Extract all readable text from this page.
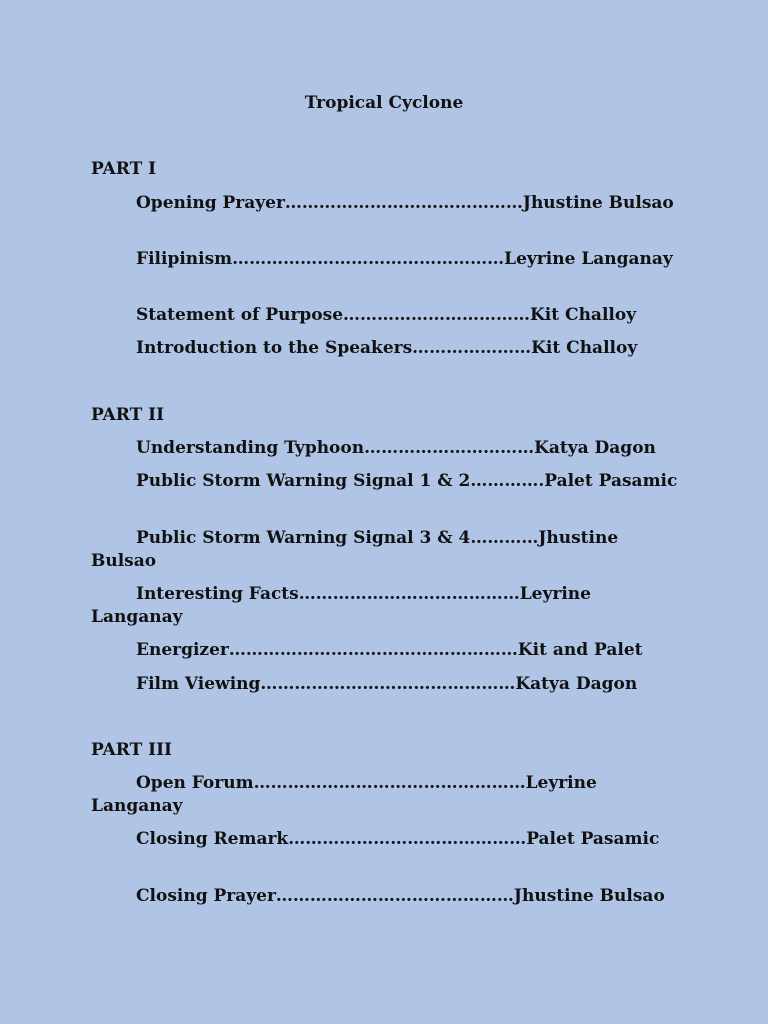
Tropical Cyclone
PART I
Opening Prayer……………………………………Jhustine Bulsao
Filipinism…………………………………………Leyrine Langanay
Statement of Purpose……………………………Kit Challoy
Introduction to the Speakers…………………Kit Challoy
PART II
Understanding Typhoon…………………………Katya Dagon
Public Storm Warning Signal 1 & 2………….Palet Pasamic
Public Storm Warning Signal 3 & 4…………Jhustine Bulsao
Interesting Facts…………………………………Leyrine Langanay
Energizer……………………………………………Kit and Palet
Film Viewing………………………………………Katya Dagon
PART III
Open Forum…………………………………………Leyrine Langanay
Closing Remark……………………………………Palet Pasamic
Closing Prayer……………………………………Jhustine Bulsao
